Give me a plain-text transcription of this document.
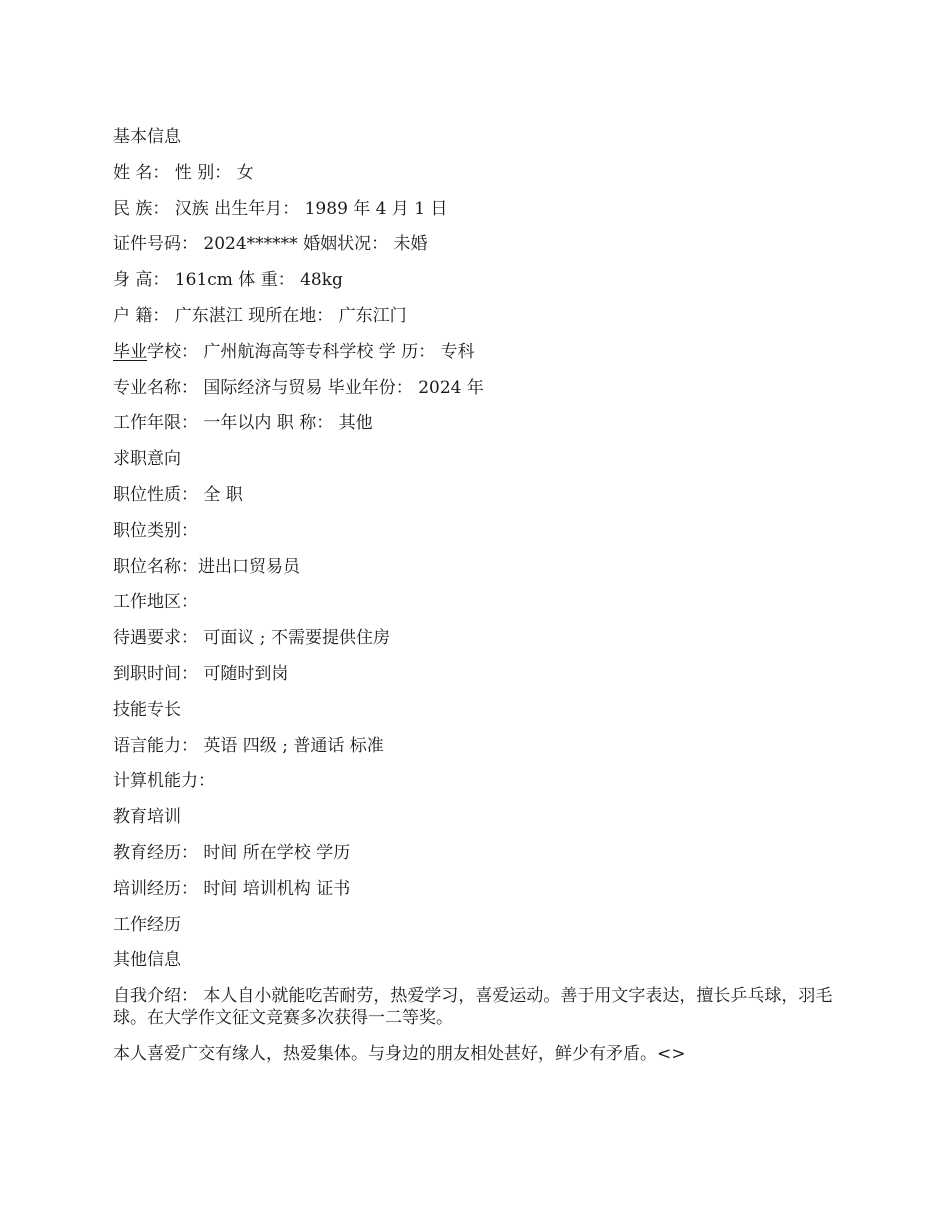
基本信息
姓 名： 性 别： 女
民 族： 汉族 出生年月： 1989 年 4 月 1 日
证件号码： 2024****** 婚姻状况： 未婚
身 高： 161cm 体 重： 48kg
户 籍： 广东湛江 现所在地： 广东江门
毕业学校： 广州航海高等专科学校 学 历： 专科
专业名称： 国际经济与贸易 毕业年份： 2024 年
工作年限： 一年以内 职 称： 其他
求职意向
职位性质： 全 职
职位类别：
职位名称：进出口贸易员
工作地区：
待遇要求： 可面议 ; 不需要提供住房
到职时间： 可随时到岗
技能专长
语言能力： 英语 四级 ; 普通话 标准
计算机能力：
教育培训
教育经历： 时间 所在学校 学历
培训经历： 时间 培训机构 证书
工作经历
其他信息
自我介绍： 本人自小就能吃苦耐劳，热爱学习，喜爱运动。善于用文字表达，擅长乒乓球，羽毛球。在大学作文征文竞赛多次获得一二等奖。
本人喜爱广交有缘人，热爱集体。与身边的朋友相处甚好，鲜少有矛盾。<>
